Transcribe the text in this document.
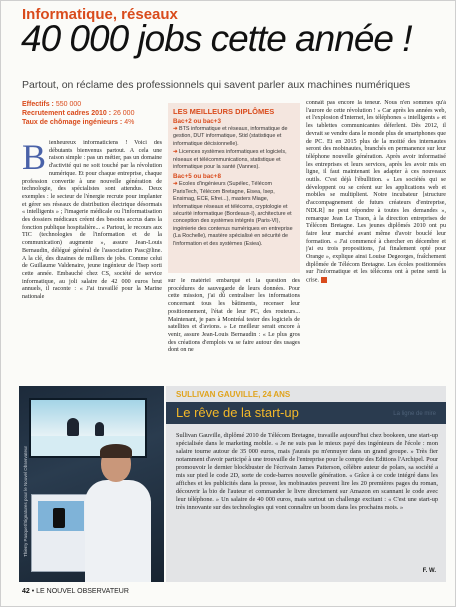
Informatique, réseaux
40 000 jobs cette année !
Partout, on réclame des professionnels qui savent parler aux machines numériques
Effectifs : 550 000
Recrutement cadres 2010 : 26 000
Taux de chômage ingénieurs : 4%
Bienheureux informaticiens ! Voici des débutants bienvenus partout. A cela une raison simple : pas un métier, pas un domaine d'activité qui ne soit touché par la révolution numérique. Et pour chaque entreprise, chaque profession convertie à une nouvelle génération de technologie, des spécialistes sont attendus. Deux exemples : le secteur de l'énergie recrute pour implanter et gérer ses réseaux de distribution électrique désormais « intelligents » ; l'imagerie médicale ou l'informatisation des dossiers médicaux créent des besoins accrus dans la fonction publique hospitalière... « Partout, le recours aux TIC (technologies de l'information et de la communication) augmente », assure Jean-Louis Bernaudin, délégué général de l'association Pasc@line. A la clé, des dizaines de milliers de jobs. Comme celui de Guillaume Valdenaire, jeune ingénieur de l'Isep sorti cette année. Embauché chez CS, société de service informatique, au joli salaire de 42 000 euros brut annuels, il raconte : « J'ai travaillé pour la Marine nationale
LES MEILLEURS DIPLÔMES
Bac+2 ou bac+3

➜ BTS informatique et réseaux, informatique de gestion, DUT informatique, Stid (statistique et informatique décisionnelle).

➜ Licences systèmes informatiques et logiciels, réseaux et télécommunications, statistique et informatique pour la santé (Vannes).

Bac+5 ou bac+8

➜ Ecoles d'ingénieurs (Supélec, Télécom ParisTech, Télécom Bretagne, Eisea, Isep, Ensimag, ECE, Efrei...), masters Miage, informatique réseaux et télécoms, cryptologie et sécurité informatique (Bordeaux-I), architecture et conception des systèmes intégrés (Paris-VI), ingénierie des contenus numériques en entreprise (La Rochelle), mastère spécialisé en sécurité de l'information et des systèmes (Esiea).

sur le matériel embarqué et la question des procédures de sauvegarde de leurs données. Pour cette mission, j'ai dû centraliser les informations concernant tous les bâtiments, recenser leur positionnement, l'état de leur PC, des routeurs... Maintenant, je pars à Montréal tester des logiciels de satellites et d'avions. » Le meilleur serait encore à venir, assure Jean-Louis Bernaudin : « Le plus gros des créations d'emplois va se faire autour des usages dont on ne
connaît pas encore la teneur. Nous n'en sommes qu'à l'aurore de cette révolution ! » Car après les années web, et l'explosion d'Internet, les téléphones « intelligents » et les tablettes communicantes déferlent. Dès 2012, il devrait se vendre dans le monde plus de smartphones que de PC. Et en 2015 plus de la moitié des internautes seront des mobinautes, branchés en permanence sur leur téléphone nouvelle génération. Après avoir informatisé les entreprises et leurs services, après les avoir mis en ligne, il faut maintenant les adapter à ces nouveaux outils. C'est déjà l'ébullition. « Les sociétés qui se développent ou se créent sur les applications web et mobiles se multiplient. Notre incubateur [structure d'accompagnement de futurs créateurs d'entreprise, NDLR] ne peut répondre à toutes les demandes », remarque Jean Le Traon, à la direction entreprises de Télécom Bretagne. Les jeunes diplômés 2010 ont pu faire leur marché avant même d'avoir bouclé leur formation. « J'ai commencé à chercher en décembre et j'ai eu trois propositions, j'ai finalement opté pour Orange », explique ainsi Louise Degeorges, fraîchement diplômée de Télécom Bretagne. Les écoles positionnées sur l'informatique et les télécoms ont à peine senti la crise.
Thierry Pasquet/Signatures pour le Nouvel Observateur
SULLIVAN GAUVILLE, 24 ANS
Le rêve de la start-up	La ligne de mire
Sullivan Gauville, diplômé 2010 de Télécom Bretagne, travaille aujourd'hui chez bookeen, une start-up spécialisée dans le marketing mobile. « Je ne suis pas le mieux payé des ingénieurs de l'école : mon salaire tourne autour de 35 000 euros, mais j'aurais pu m'ennuyer dans un grand groupe. » Très fier notamment d'avoir participé à une trouvaille de l'entreprise pour le compte des Editions l'Archipel. Pour promouvoir le dernier blockbuster de l'écrivain James Patterson, célèbre auteur de polars, sa société a mis sur pied le code 2D, sorte de code-barres nouvelle génération. « Grâce à ce code intégré dans les affiches et les publicités dans la presse, les mobinautes peuvent lire les 20 premières pages du roman, découvrir la bio de l'auteur et commander le livre directement sur Amazon en scannant le code avec leur téléphone. » Un salaire de 40 000 euros, mais surtout un challenge excitant : « C'est une start-up très innovante sur des technologies qui vont connaître un boom dans les prochains mois. »
F. W.
42 • LE NOUVEL OBSERVATEUR
